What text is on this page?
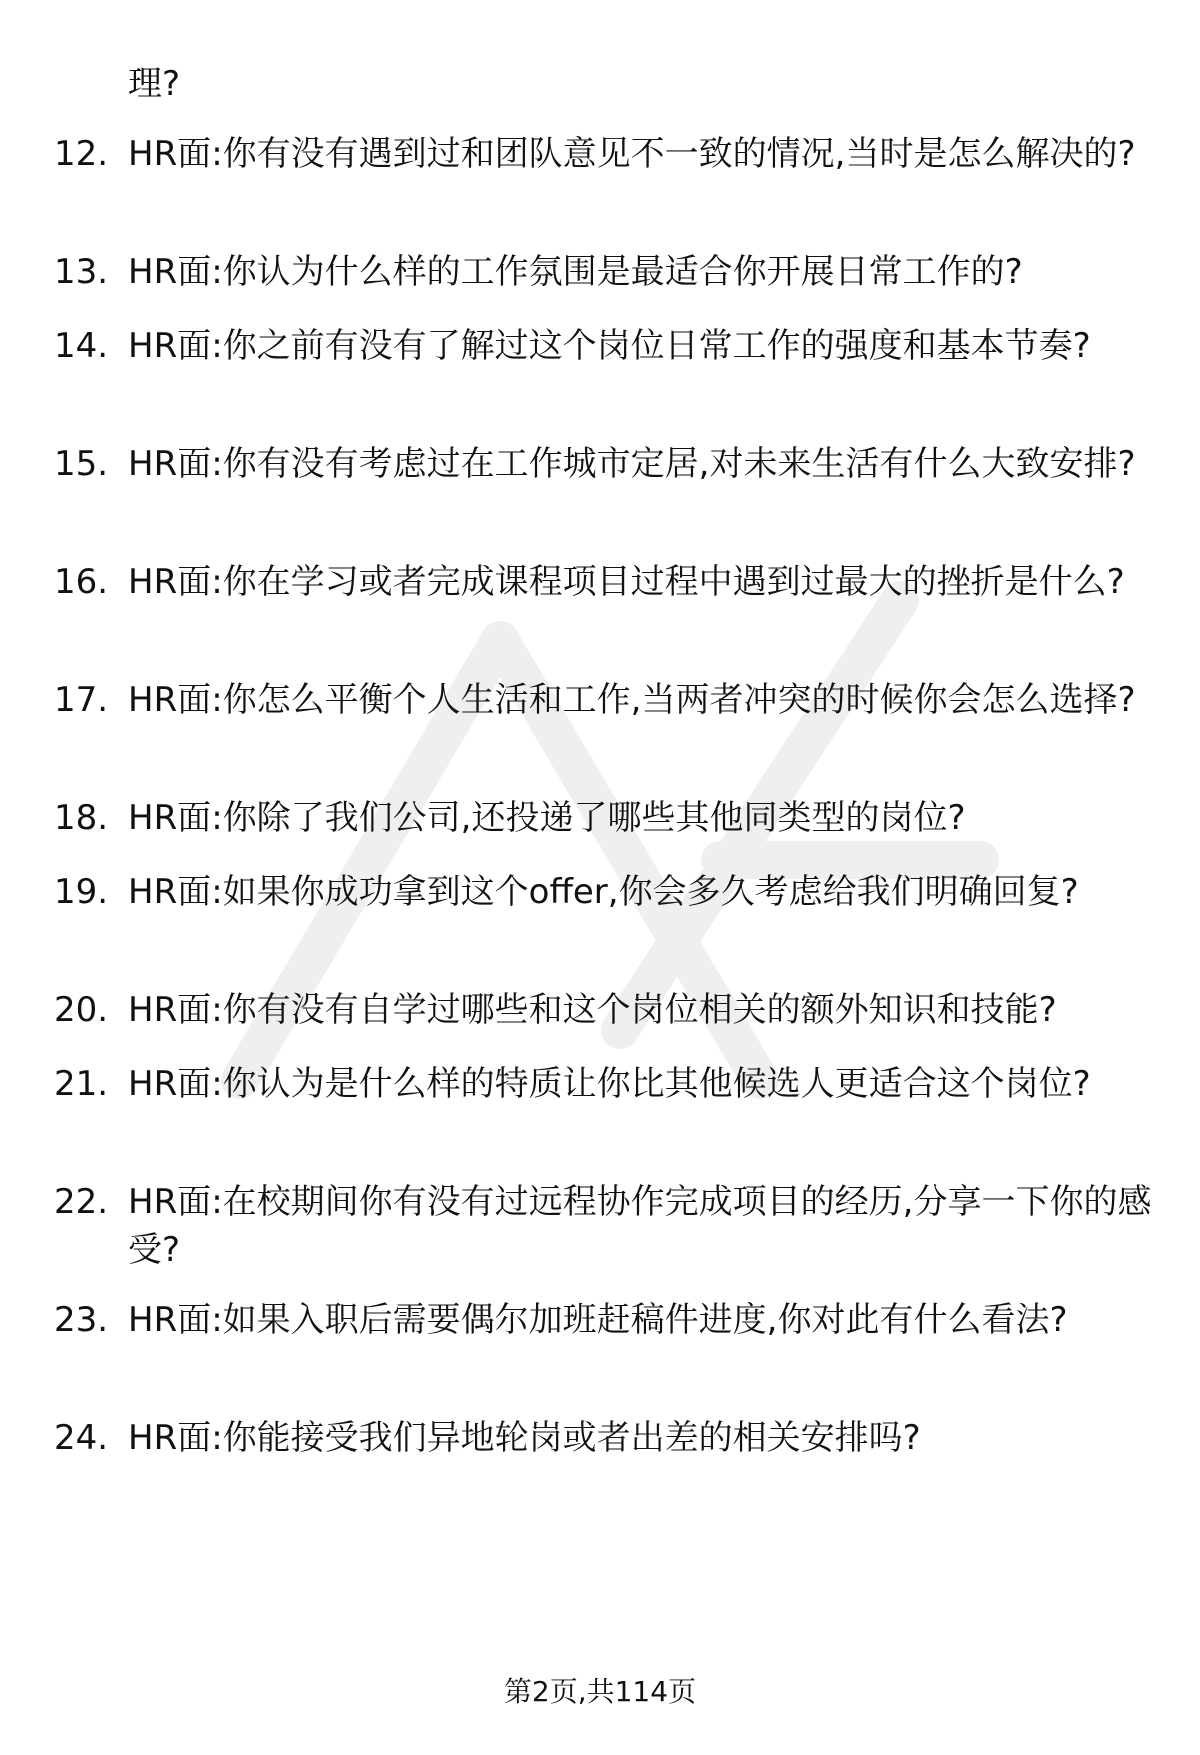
理?
12. HR面:你有没有遇到过和团队意见不一致的情况,当时是怎么解决的?
13. HR面:你认为什么样的工作氛围是最适合你开展日常工作的?
14. HR面:你之前有没有了解过这个岗位日常工作的强度和基本节奏?
15. HR面:你有没有考虑过在工作城市定居,对未来生活有什么大致安排?
16. HR面:你在学习或者完成课程项目过程中遇到过最大的挫折是什么?
17. HR面:你怎么平衡个人生活和工作,当两者冲突的时候你会怎么选择?
18. HR面:你除了我们公司,还投递了哪些其他同类型的岗位?
19. HR面:如果你成功拿到这个offer,你会多久考虑给我们明确回复?
20. HR面:你有没有自学过哪些和这个岗位相关的额外知识和技能?
21. HR面:你认为是什么样的特质让你比其他候选人更适合这个岗位?
22. HR面:在校期间你有没有过远程协作完成项目的经历,分享一下你的感受?
23. HR面:如果入职后需要偶尔加班赶稿件进度,你对此有什么看法?
24. HR面:你能接受我们异地轮岗或者出差的相关安排吗?
第2页,共114页
